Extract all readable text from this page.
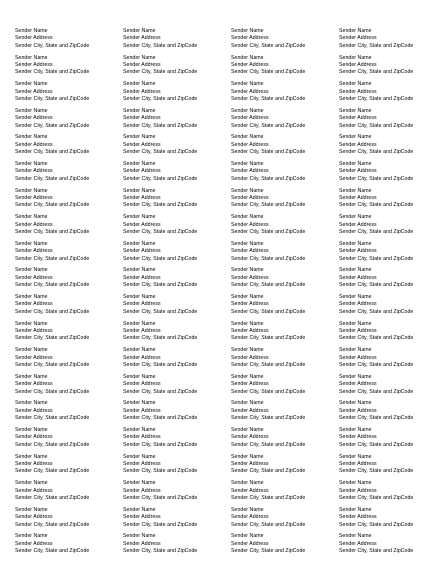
Sender Name
Sender Address
Sender City, State and ZipCode
Sender Name
Sender Address
Sender City, State and ZipCode
Sender Name
Sender Address
Sender City, State and ZipCode
Sender Name
Sender Address
Sender City, State and ZipCode
Sender Name
Sender Address
Sender City, State and ZipCode
Sender Name
Sender Address
Sender City, State and ZipCode
Sender Name
Sender Address
Sender City, State and ZipCode
Sender Name
Sender Address
Sender City, State and ZipCode
Sender Name
Sender Address
Sender City, State and ZipCode
Sender Name
Sender Address
Sender City, State and ZipCode
Sender Name
Sender Address
Sender City, State and ZipCode
Sender Name
Sender Address
Sender City, State and ZipCode
Sender Name
Sender Address
Sender City, State and ZipCode
Sender Name
Sender Address
Sender City, State and ZipCode
Sender Name
Sender Address
Sender City, State and ZipCode
Sender Name
Sender Address
Sender City, State and ZipCode
Sender Name
Sender Address
Sender City, State and ZipCode
Sender Name
Sender Address
Sender City, State and ZipCode
Sender Name
Sender Address
Sender City, State and ZipCode
Sender Name
Sender Address
Sender City, State and ZipCode
Sender Name
Sender Address
Sender City, State and ZipCode
Sender Name
Sender Address
Sender City, State and ZipCode
Sender Name
Sender Address
Sender City, State and ZipCode
Sender Name
Sender Address
Sender City, State and ZipCode
Sender Name
Sender Address
Sender City, State and ZipCode
Sender Name
Sender Address
Sender City, State and ZipCode
Sender Name
Sender Address
Sender City, State and ZipCode
Sender Name
Sender Address
Sender City, State and ZipCode
Sender Name
Sender Address
Sender City, State and ZipCode
Sender Name
Sender Address
Sender City, State and ZipCode
Sender Name
Sender Address
Sender City, State and ZipCode
Sender Name
Sender Address
Sender City, State and ZipCode
Sender Name
Sender Address
Sender City, State and ZipCode
Sender Name
Sender Address
Sender City, State and ZipCode
Sender Name
Sender Address
Sender City, State and ZipCode
Sender Name
Sender Address
Sender City, State and ZipCode
Sender Name
Sender Address
Sender City, State and ZipCode
Sender Name
Sender Address
Sender City, State and ZipCode
Sender Name
Sender Address
Sender City, State and ZipCode
Sender Name
Sender Address
Sender City, State and ZipCode
Sender Name
Sender Address
Sender City, State and ZipCode
Sender Name
Sender Address
Sender City, State and ZipCode
Sender Name
Sender Address
Sender City, State and ZipCode
Sender Name
Sender Address
Sender City, State and ZipCode
Sender Name
Sender Address
Sender City, State and ZipCode
Sender Name
Sender Address
Sender City, State and ZipCode
Sender Name
Sender Address
Sender City, State and ZipCode
Sender Name
Sender Address
Sender City, State and ZipCode
Sender Name
Sender Address
Sender City, State and ZipCode
Sender Name
Sender Address
Sender City, State and ZipCode
Sender Name
Sender Address
Sender City, State and ZipCode
Sender Name
Sender Address
Sender City, State and ZipCode
Sender Name
Sender Address
Sender City, State and ZipCode
Sender Name
Sender Address
Sender City, State and ZipCode
Sender Name
Sender Address
Sender City, State and ZipCode
Sender Name
Sender Address
Sender City, State and ZipCode
Sender Name
Sender Address
Sender City, State and ZipCode
Sender Name
Sender Address
Sender City, State and ZipCode
Sender Name
Sender Address
Sender City, State and ZipCode
Sender Name
Sender Address
Sender City, State and ZipCode
Sender Name
Sender Address
Sender City, State and ZipCode
Sender Name
Sender Address
Sender City, State and ZipCode
Sender Name
Sender Address
Sender City, State and ZipCode
Sender Name
Sender Address
Sender City, State and ZipCode
Sender Name
Sender Address
Sender City, State and ZipCode
Sender Name
Sender Address
Sender City, State and ZipCode
Sender Name
Sender Address
Sender City, State and ZipCode
Sender Name
Sender Address
Sender City, State and ZipCode
Sender Name
Sender Address
Sender City, State and ZipCode
Sender Name
Sender Address
Sender City, State and ZipCode
Sender Name
Sender Address
Sender City, State and ZipCode
Sender Name
Sender Address
Sender City, State and ZipCode
Sender Name
Sender Address
Sender City, State and ZipCode
Sender Name
Sender Address
Sender City, State and ZipCode
Sender Name
Sender Address
Sender City, State and ZipCode
Sender Name
Sender Address
Sender City, State and ZipCode
Sender Name
Sender Address
Sender City, State and ZipCode
Sender Name
Sender Address
Sender City, State and ZipCode
Sender Name
Sender Address
Sender City, State and ZipCode
Sender Name
Sender Address
Sender City, State and ZipCode
